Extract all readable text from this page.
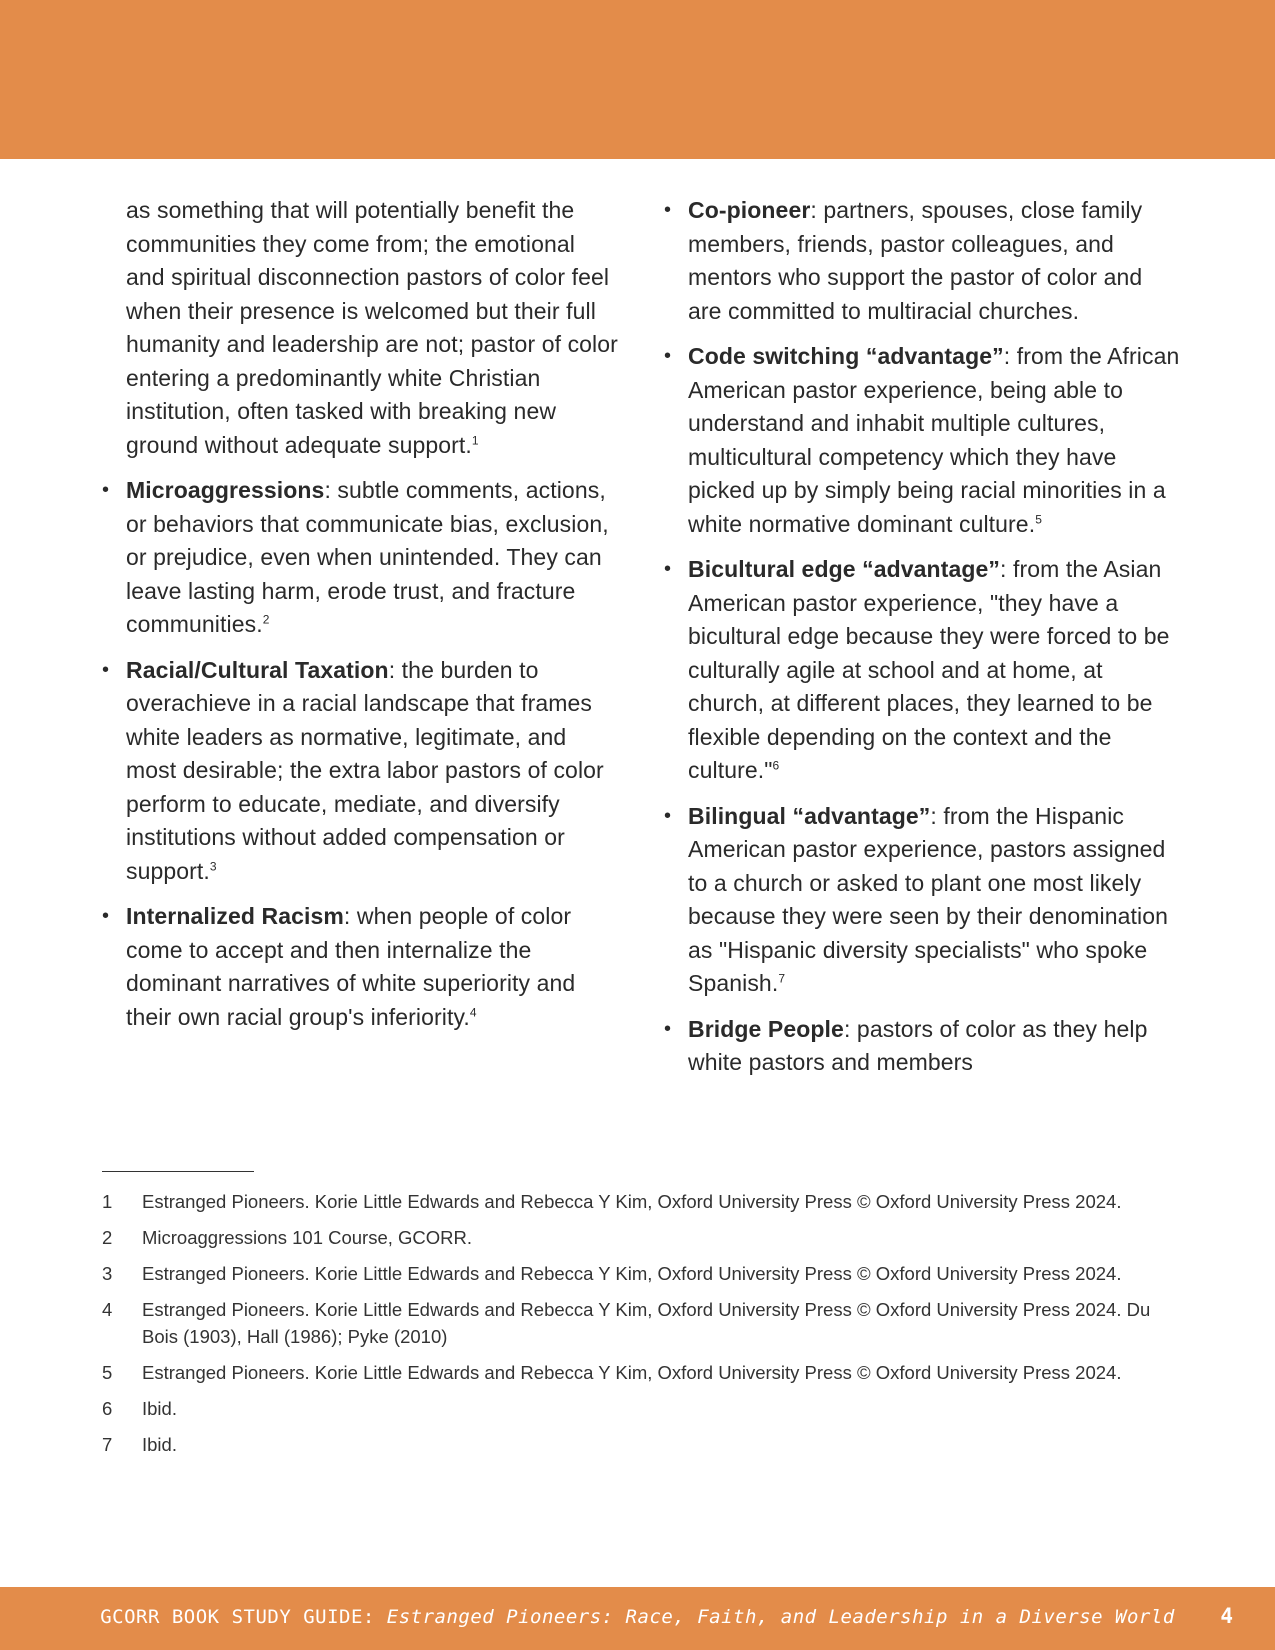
as something that will potentially benefit the communities they come from; the emotional and spiritual disconnection pastors of color feel when their presence is welcomed but their full humanity and leadership are not; pastor of color entering a predominantly white Christian institution, often tasked with breaking new ground without adequate support.$^1$

• Microaggressions: subtle comments, actions, or behaviors that communicate bias, exclusion, or prejudice, even when unintended. They can leave lasting harm, erode trust, and fracture communities.$^2$
• Racial/Cultural Taxation: the burden to overachieve in a racial landscape that frames white leaders as normative, legitimate, and most desirable; the extra labor pastors of color perform to educate, mediate, and diversify institutions without added compensation or support.$^3$
• Internalized Racism: when people of color come to accept and then internalize the dominant narratives of white superiority and their own racial group's inferiority.$^4$
• Co-pioneer: partners, spouses, close family members, friends, pastor colleagues, and mentors who support the pastor of color and are committed to multiracial churches.
• Code switching “advantage”: from the African American pastor experience, being able to understand and inhabit multiple cultures, multicultural competency which they have picked up by simply being racial minorities in a white normative dominant culture.$^5$
• Bicultural edge “advantage”: from the Asian American pastor experience, "they have a bicultural edge because they were forced to be culturally agile at school and at home, at church, at different places, they learned to be flexible depending on the context and the culture."$^6$
• Bilingual “advantage”: from the Hispanic American pastor experience, pastors assigned to a church or asked to plant one most likely because they were seen by their denomination as "Hispanic diversity specialists" who spoke Spanish.$^7$
• Bridge People: pastors of color as they help white pastors and members
1 Estranged Pioneers. Korie Little Edwards and Rebecca Y Kim, Oxford University Press © Oxford University Press 2024.
2 Microaggressions 101 Course, GCORR.
3 Estranged Pioneers. Korie Little Edwards and Rebecca Y Kim, Oxford University Press © Oxford University Press 2024.
4 Estranged Pioneers. Korie Little Edwards and Rebecca Y Kim, Oxford University Press © Oxford University Press 2024. Du Bois (1903), Hall (1986); Pyke (2010)
5 Estranged Pioneers. Korie Little Edwards and Rebecca Y Kim, Oxford University Press © Oxford University Press 2024.
6 Ibid.
7 Ibid.
GCORR BOOK STUDY GUIDE: Estranged Pioneers: Race, Faith, and Leadership in a Diverse World	4
